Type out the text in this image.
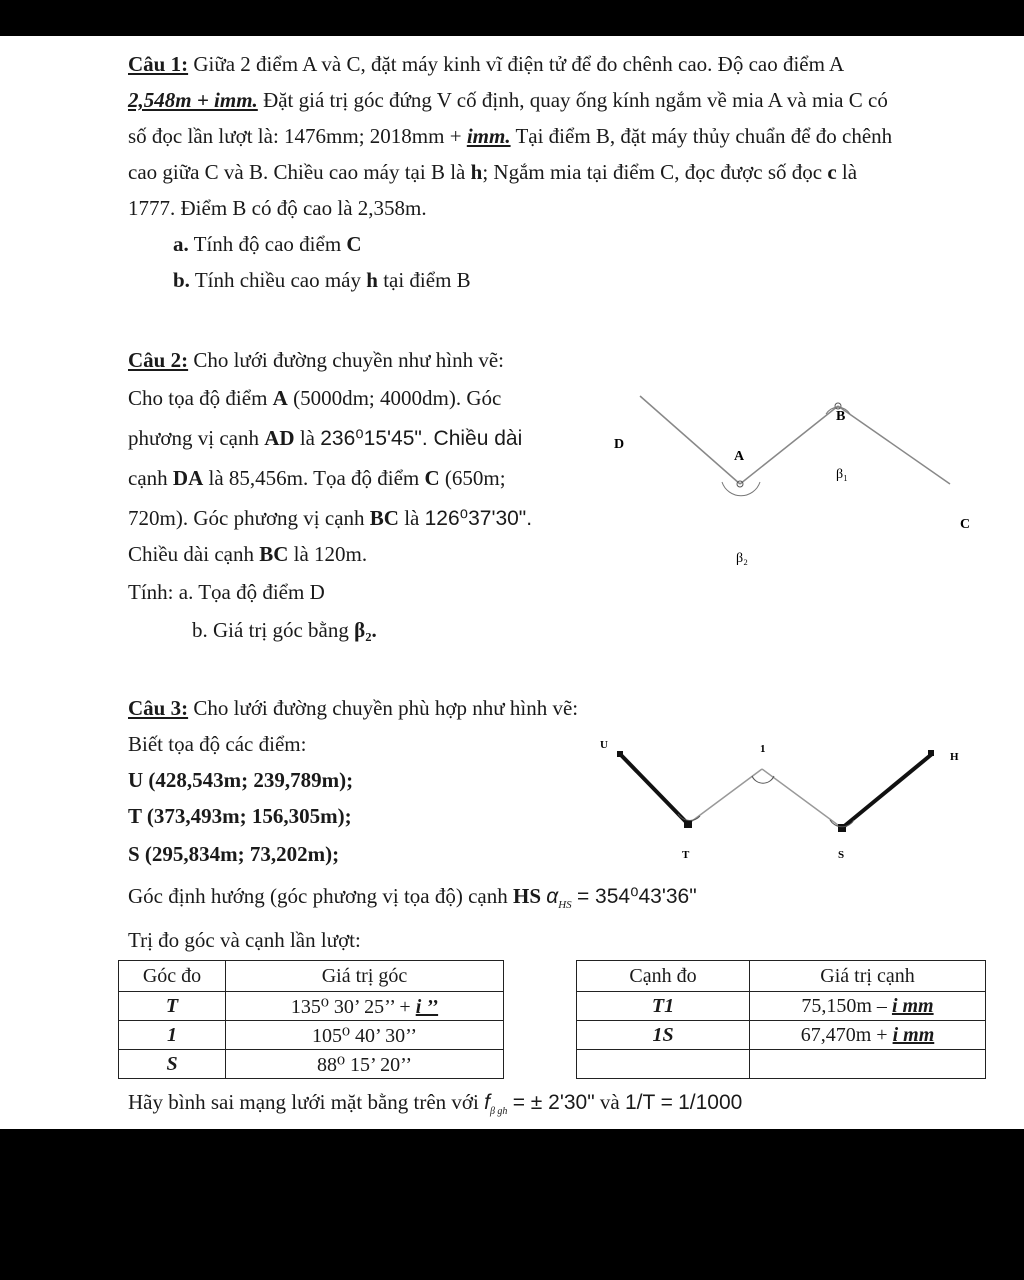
Câu 1: Giữa 2 điểm A và C, đặt máy kinh vĩ điện tử để đo chênh cao. Độ cao điểm A
2,548m + imm. Đặt giá trị góc đứng V cố định, quay ống kính ngắm về mia A và mia C có
số đọc lần lượt là: 1476mm; 2018mm + imm. Tại điểm B, đặt máy thủy chuẩn để đo chênh
cao giữa C và B. Chiều cao máy tại B là h; Ngắm mia tại điểm C, đọc được số đọc c là
1777. Điểm B có độ cao là 2,358m.
a. Tính độ cao điểm C
b. Tính chiều cao máy h tại điểm B
Câu 2: Cho lưới đường chuyền như hình vẽ:
Cho tọa độ điểm A (5000dm; 4000dm). Góc
phương vị cạnh AD là 236⁰15'45". Chiều dài
cạnh DA là 85,456m. Tọa độ điểm C (650m;
720m). Góc phương vị cạnh BC là 126⁰37'30".
Chiều dài cạnh BC là 120m.
Tính: a. Tọa độ điểm D
b. Giá trị góc bằng β₂.
D
A
B
C
β₁
β₂
Câu 3: Cho lưới đường chuyền phù hợp như hình vẽ:
Biết tọa độ các điểm:
U (428,543m; 239,789m);
T (373,493m; 156,305m);
S (295,834m; 73,202m);
Góc định hướng (góc phương vị tọa độ) cạnh HS $\alpha_{HS} = 354^043'36$"
Trị đo góc và cạnh lần lượt:
U	1
H
T	S
Góc đo	Giá trị góc
T	135⁰ 30’ 25’’ + i ’’
1	105⁰ 40’ 30’’
S	88⁰ 15’ 20’’
Cạnh đo	Giá trị cạnh
T1	75,150m – i mm
1S	67,470m + i mm

Hãy bình sai mạng lưới mặt bằng trên với $f_{\beta gh}$ = ± 2'30" và 1/T = 1/1000
